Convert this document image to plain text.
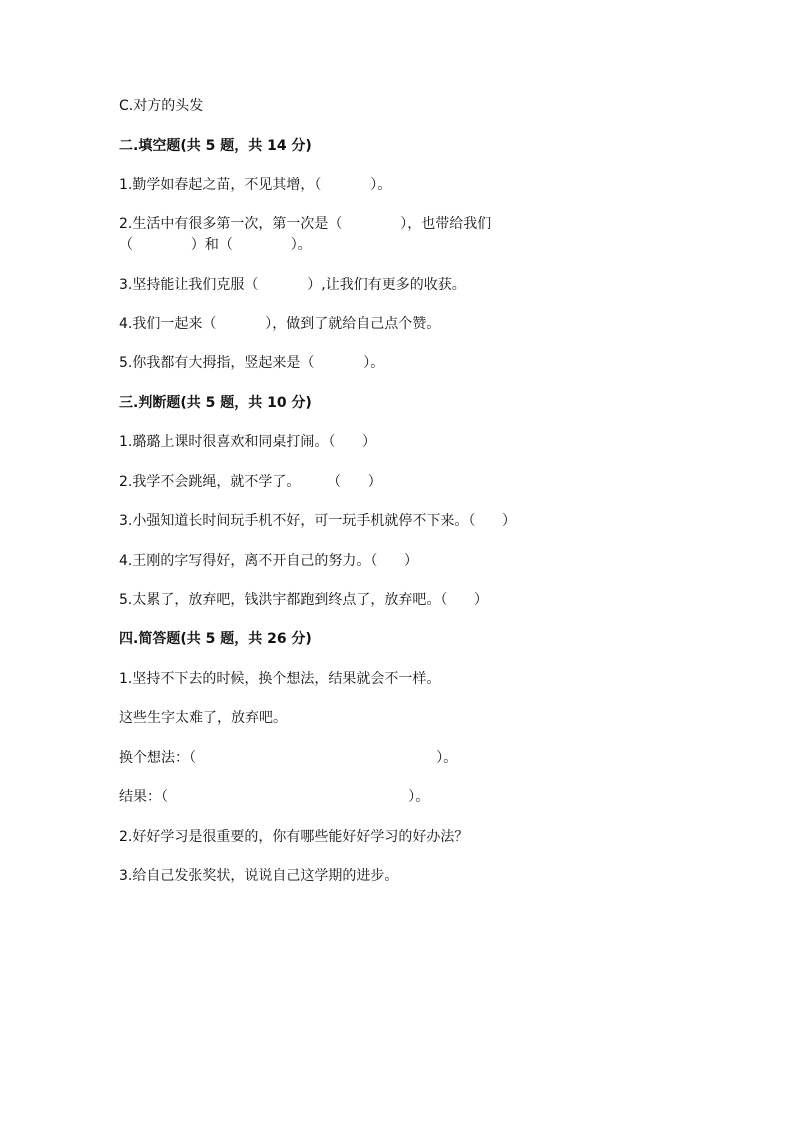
C.对方的头发
二.填空题(共 5 题，共 14 分)
1.勤学如春起之苗，不见其增，（           ）。
2.生活中有很多第一次，第一次是（             ），也带给我们
（             ）和（             ）。
3.坚持能让我们克服（           ）,让我们有更多的收获。
4.我们一起来（           ），做到了就给自己点个赞。
5.你我都有大拇指，竖起来是（           ）。
三.判断题(共 5 题，共 10 分)
1.璐璐上课时很喜欢和同桌打闹。（      ）
2.我学不会跳绳，就不学了。      （      ）
3.小强知道长时间玩手机不好，可一玩手机就停不下来。（      ）
4.王刚的字写得好，离不开自己的努力。（      ）
5.太累了，放弃吧，钱洪宇都跑到终点了，放弃吧。（      ）
四.简答题(共 5 题，共 26 分)
1.坚持不下去的时候，换个想法，结果就会不一样。
这些生字太难了，放弃吧。
换个想法：（                                                      ）。
结果：（                                                      ）。
2.好好学习是很重要的，你有哪些能好好学习的好办法？
3.给自己发张奖状，说说自己这学期的进步。
